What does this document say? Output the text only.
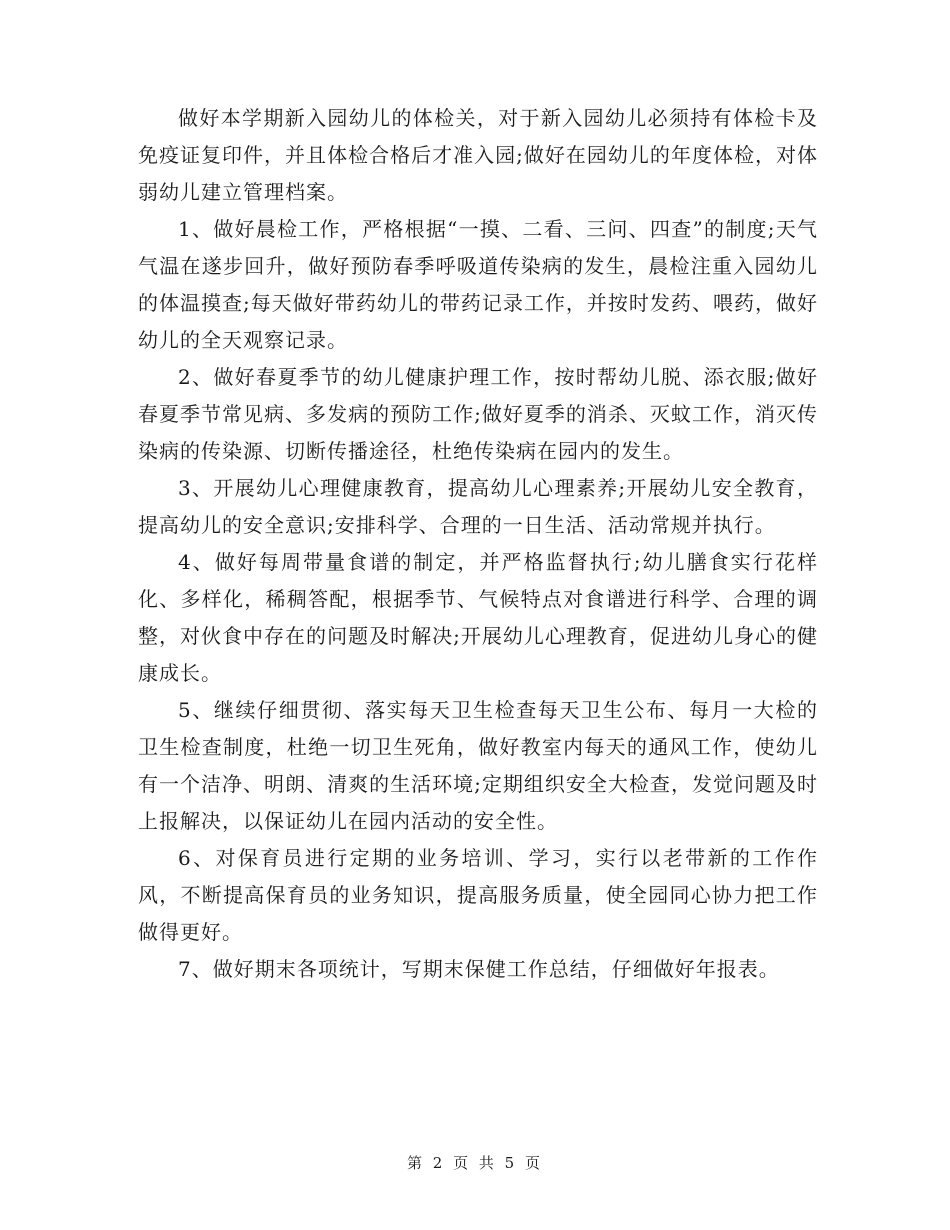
做好本学期新入园幼儿的体检关，对于新入园幼儿必须持有体检卡及免疫证复印件，并且体检合格后才准入园;做好在园幼儿的年度体检，对体弱幼儿建立管理档案。

1、做好晨检工作，严格根据“一摸、二看、三问、四查”的制度;天气气温在遂步回升，做好预防春季呼吸道传染病的发生，晨检注重入园幼儿的体温摸查;每天做好带药幼儿的带药记录工作，并按时发药、喂药，做好幼儿的全天观察记录。

2、做好春夏季节的幼儿健康护理工作，按时帮幼儿脱、添衣服;做好春夏季节常见病、多发病的预防工作;做好夏季的消杀、灭蚊工作，消灭传染病的传染源、切断传播途径，杜绝传染病在园内的发生。

3、开展幼儿心理健康教育，提高幼儿心理素养;开展幼儿安全教育，提高幼儿的安全意识;安排科学、合理的一日生活、活动常规并执行。

4、做好每周带量食谱的制定，并严格监督执行;幼儿膳食实行花样化、多样化，稀稠答配，根据季节、气候特点对食谱进行科学、合理的调整，对伙食中存在的问题及时解决;开展幼儿心理教育，促进幼儿身心的健康成长。

5、继续仔细贯彻、落实每天卫生检查每天卫生公布、每月一大检的卫生检查制度，杜绝一切卫生死角，做好教室内每天的通风工作，使幼儿有一个洁净、明朗、清爽的生活环境;定期组织安全大检查，发觉问题及时上报解决，以保证幼儿在园内活动的安全性。

6、对保育员进行定期的业务培训、学习，实行以老带新的工作作风，不断提高保育员的业务知识，提高服务质量，使全园同心协力把工作做得更好。

7、做好期末各项统计，写期末保健工作总结，仔细做好年报表。

第 2 页 共 5 页
